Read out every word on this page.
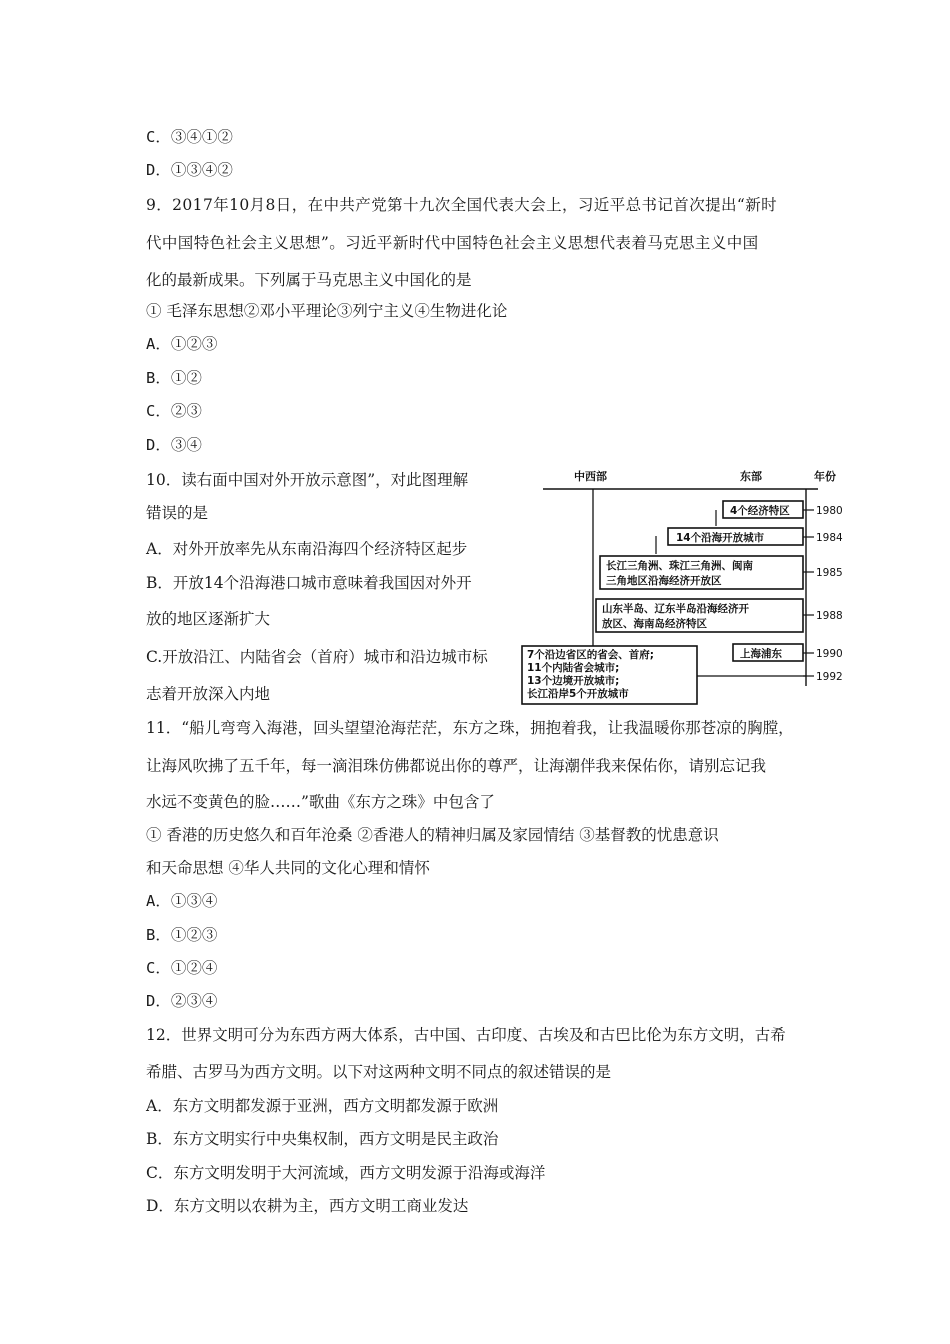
C．③④①②
D．①③④②
9．2017年10月8日，在中共产党第十九次全国代表大会上，习近平总书记首次提出“新时
代中国特色社会主义思想”。习近平新时代中国特色社会主义思想代表着马克思主义中国
化的最新成果。下列属于马克思主义中国化的是
① 毛泽东思想②邓小平理论③列宁主义④生物进化论
A．①②③
B．①②
C．②③
D．③④
10．读右面中国对外开放示意图”，对此图理解
错误的是
A．对外开放率先从东南沿海四个经济特区起步
B．开放14个沿海港口城市意味着我国因对外开
放的地区逐渐扩大
C.开放沿江、内陆省会（首府）城市和沿边城市标
志着开放深入内地
中西部	东部	年份
4个经济特区
14个沿海开放城市
长江三角洲、珠江三角洲、闽南
三角地区沿海经济开放区
山东半岛、辽东半岛沿海经济开
放区、海南岛经济特区
上海浦东
7个沿边省区的省会、首府;
11个内陆省会城市;
13个边境开放城市;
长江沿岸5个开放城市
1980
1984
1985
1988
1990
1992
11．“船儿弯弯入海港，回头望望沧海茫茫，东方之珠，拥抱着我，让我温暖你那苍凉的胸膛，
让海风吹拂了五千年，每一滴泪珠仿佛都说出你的尊严，让海潮伴我来保佑你，请别忘记我
水远不变黄色的脸……”歌曲《东方之珠》中包含了
① 香港的历史悠久和百年沧桑 ②香港人的精神归属及家园情结 ③基督教的忧患意识
和天命思想 ④华人共同的文化心理和情怀
A．①③④
B．①②③
C．①②④
D．②③④
12．世界文明可分为东西方两大体系，古中国、古印度、古埃及和古巴比伦为东方文明，古希
希腊、古罗马为西方文明。以下对这两种文明不同点的叙述错误的是
A．东方文明都发源于亚洲，西方文明都发源于欧洲
B．东方文明实行中央集权制，西方文明是民主政治
C．东方文明发明于大河流域，西方文明发源于沿海或海洋
D．东方文明以农耕为主，西方文明工商业发达
